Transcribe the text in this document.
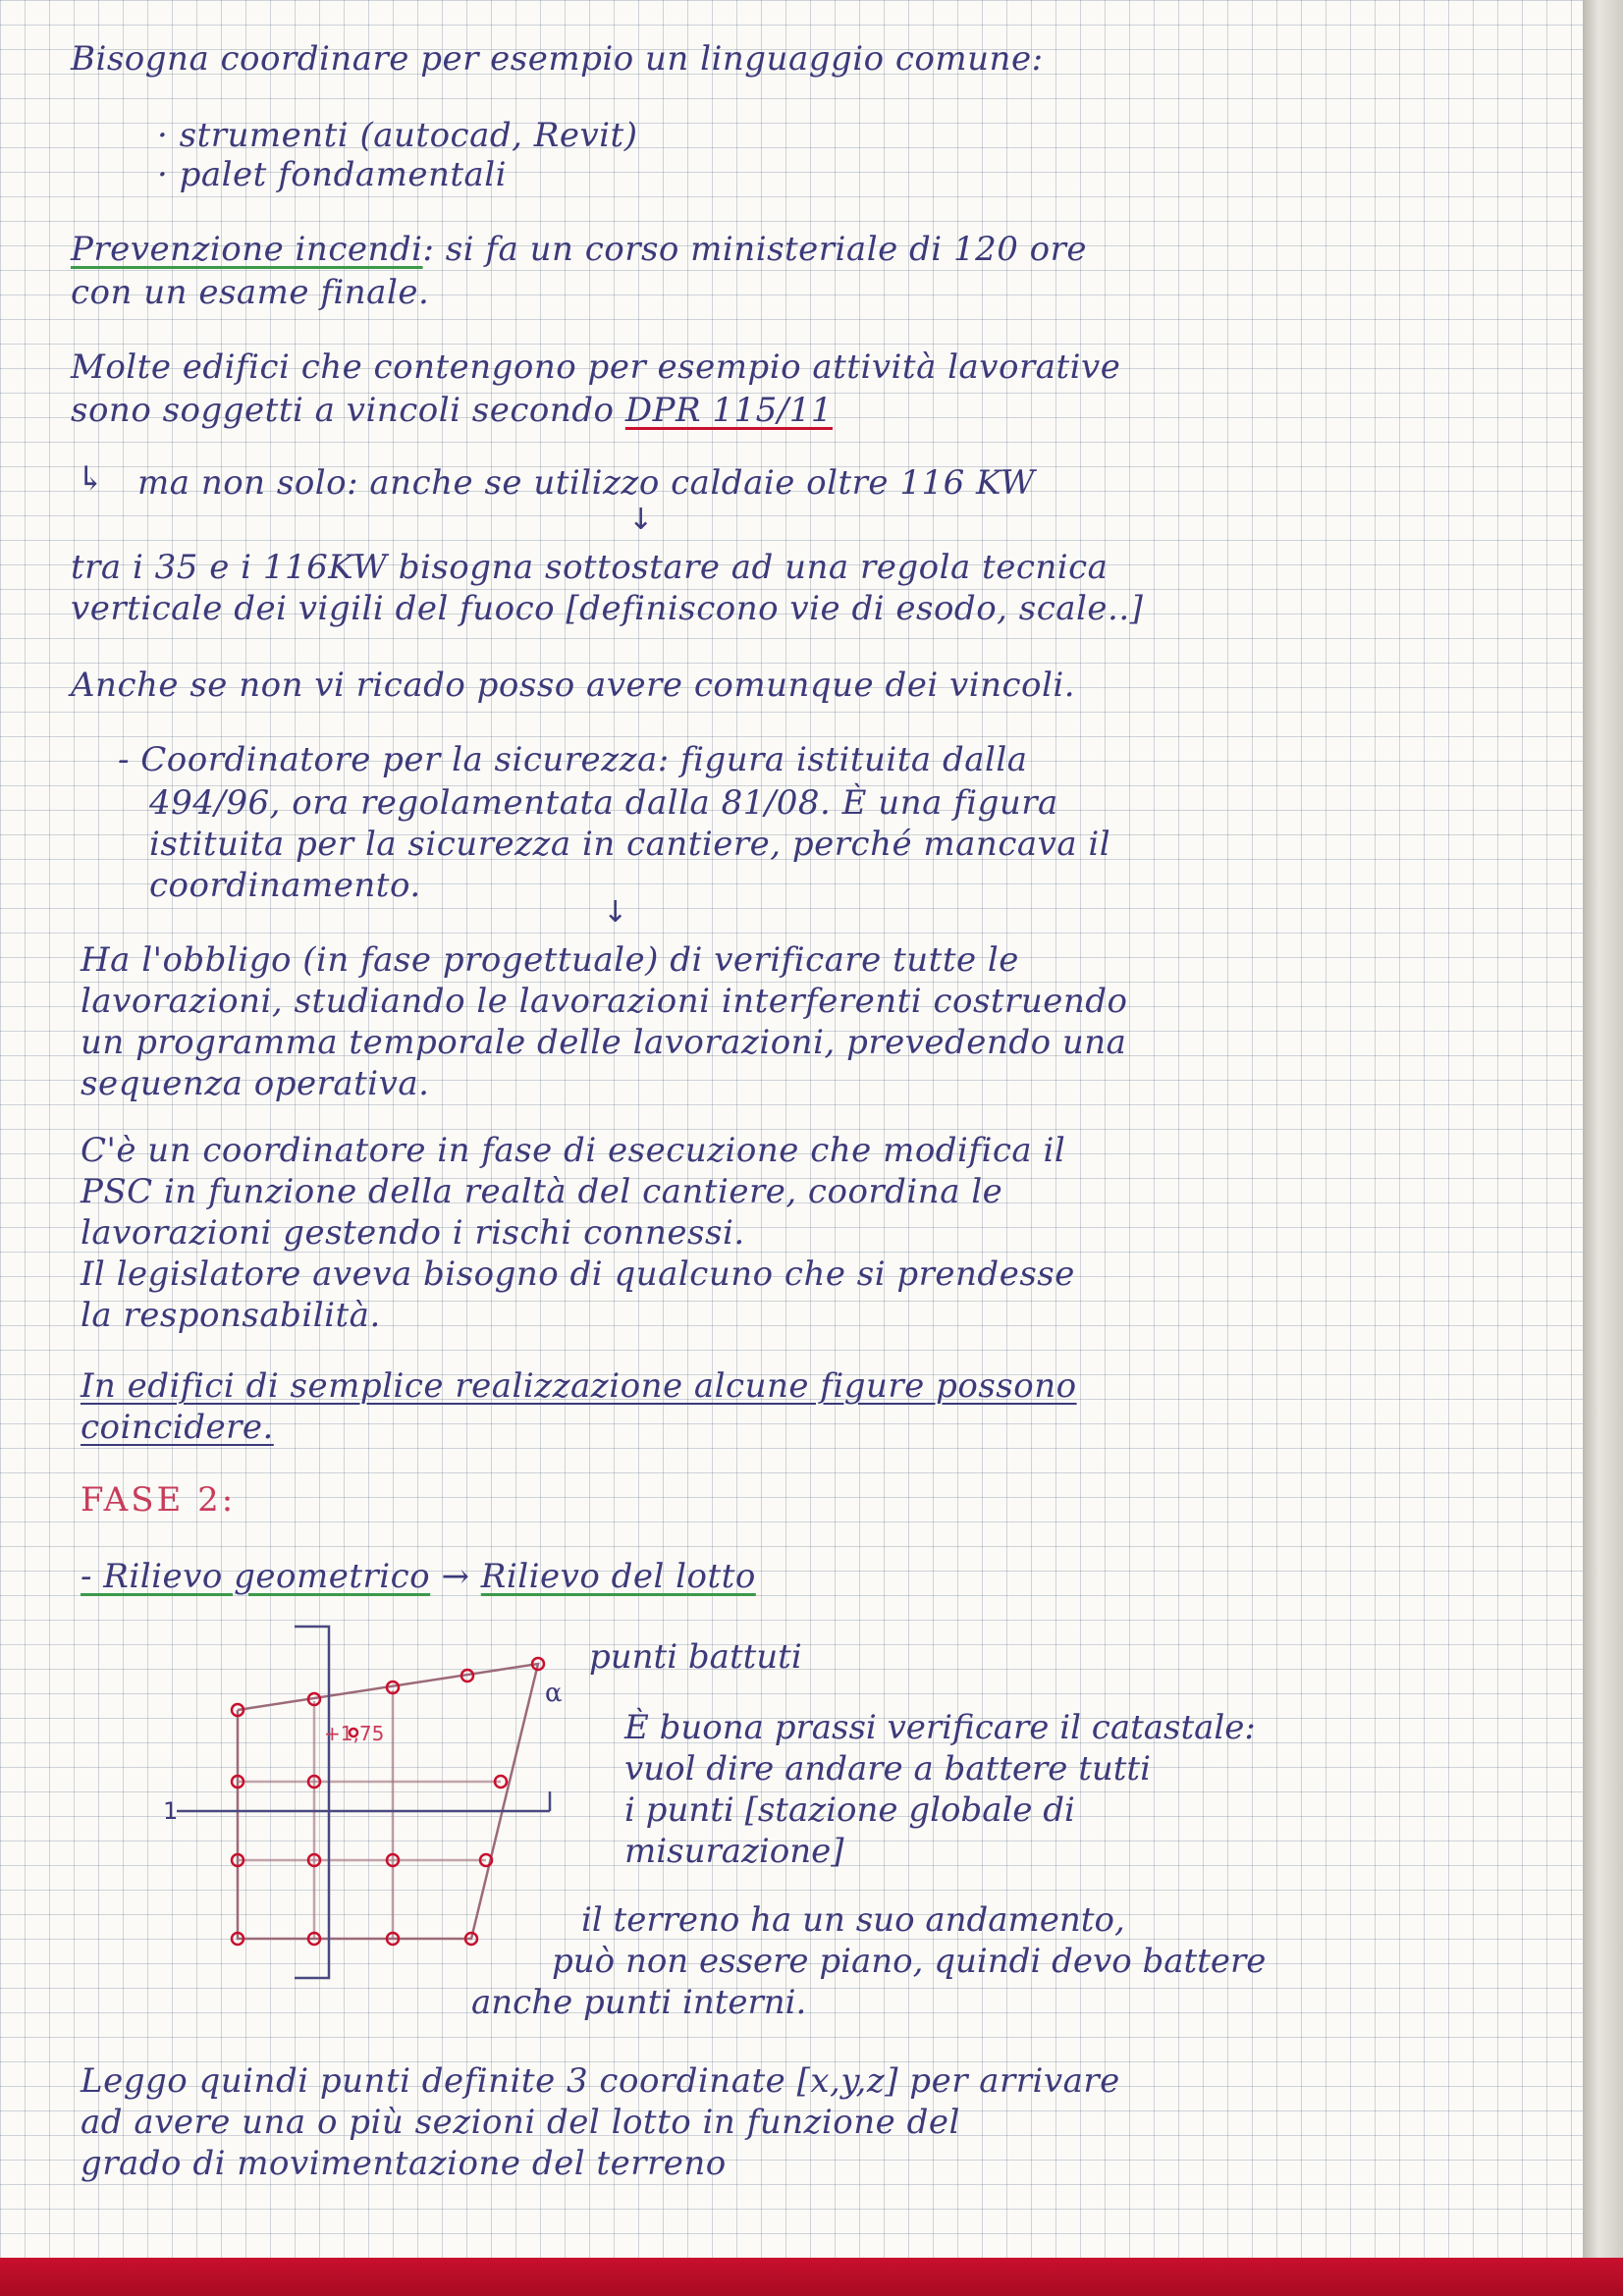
Bisogna coordinare per esempio un linguaggio comune:
· strumenti (autocad, Revit)
· palet fondamentali
Prevenzione incendi: si fa un corso ministeriale di 120 ore
con un esame finale.
Molte edifici che contengono per esempio attività lavorative
sono soggetti a vincoli secondo DPR 115/11
↳ ma non solo: anche se utilizzo caldaie oltre 116 KW
↓
tra i 35 e i 116KW bisogna sottostare ad una regola tecnica
verticale dei vigili del fuoco [definiscono vie di esodo, scale..]
Anche se non vi ricado posso avere comunque dei vincoli.
- Coordinatore per la sicurezza: figura istituita dalla
494/96, ora regolamentata dalla 81/08. È una figura
istituita per la sicurezza in cantiere, perché mancava il
coordinamento.
↓
Ha l'obbligo (in fase progettuale) di verificare tutte le
lavorazioni, studiando le lavorazioni interferenti costruendo
un programma temporale delle lavorazioni, prevedendo una
sequenza operativa.
C'è un coordinatore in fase di esecuzione che modifica il
PSC in funzione della realtà del cantiere, coordina le
lavorazioni gestendo i rischi connessi.
Il legislatore aveva bisogno di qualcuno che si prendesse
la responsabilità.
In edifici di semplice realizzazione alcune figure possono
coincidere.
FASE 2:
- Rilievo geometrico → Rilievo del lotto
+1,75
α
1
punti battuti
È buona prassi verificare il catastale:
vuol dire andare a battere tutti
i punti [stazione globale di
misurazione]
il terreno ha un suo andamento,
può non essere piano, quindi devo battere
anche punti interni.
Leggo quindi punti definite 3 coordinate [x,y,z] per arrivare
ad avere una o più sezioni del lotto in funzione del
grado di movimentazione del terreno
